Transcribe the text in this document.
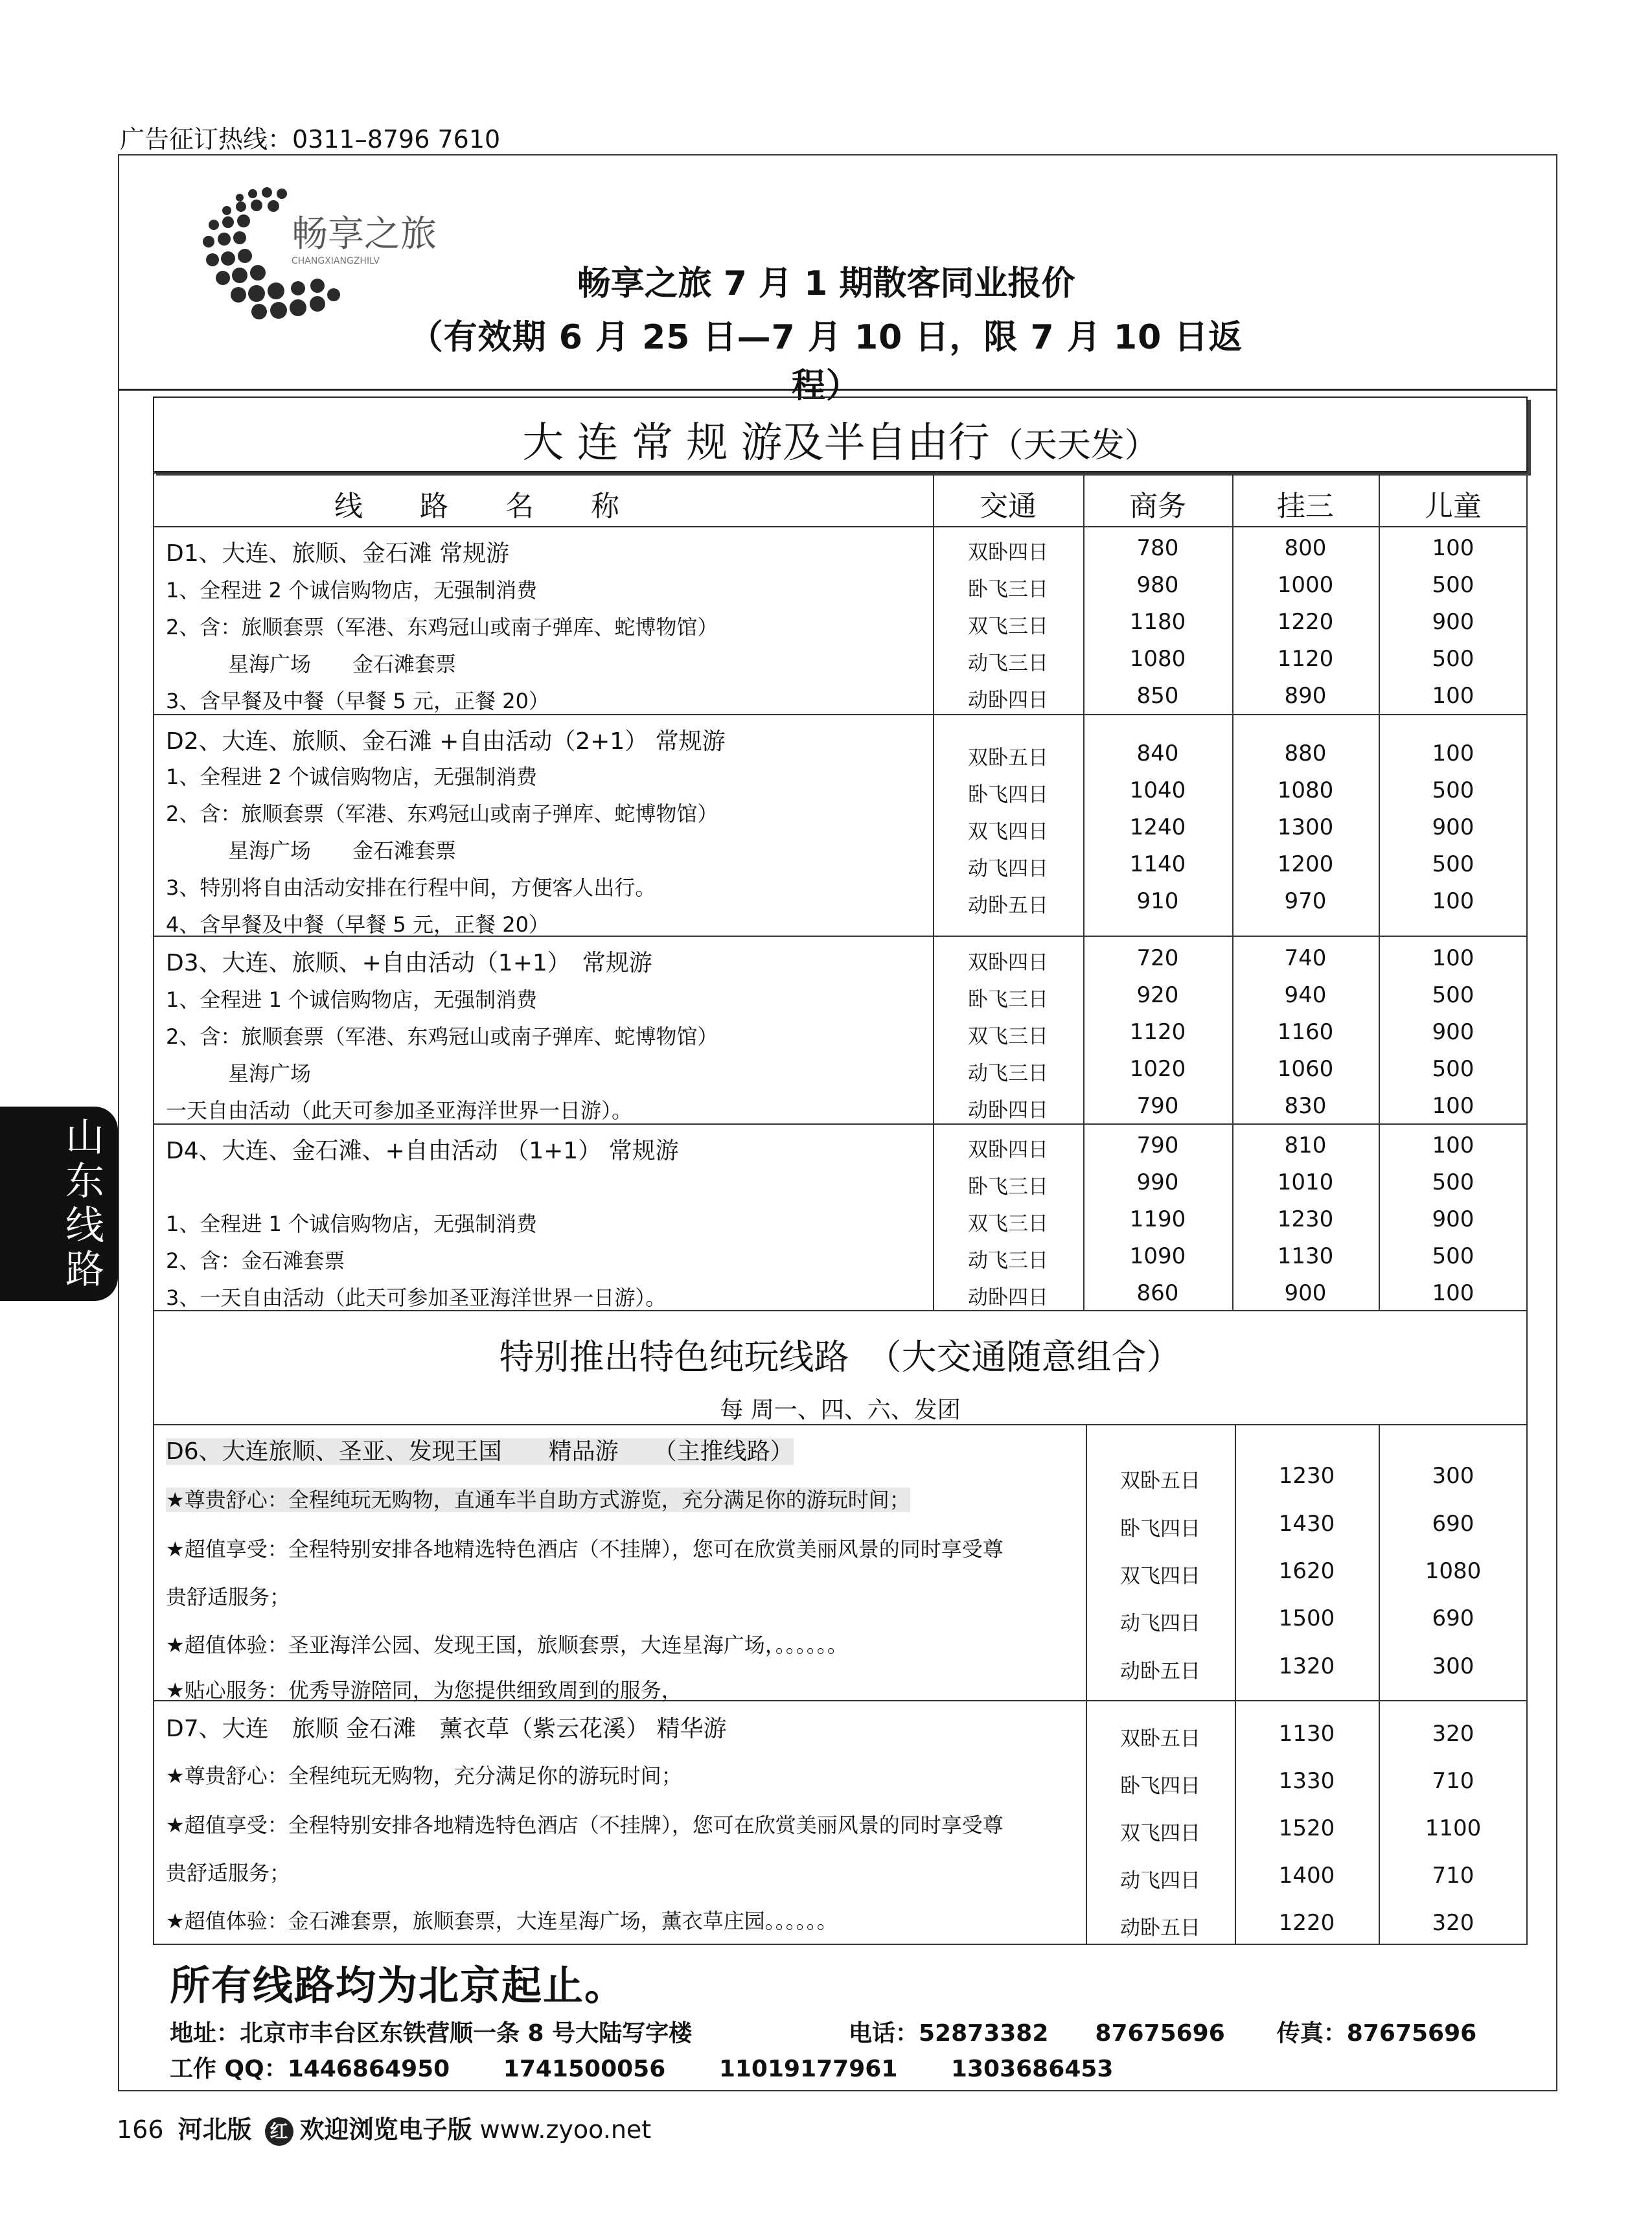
广告征订热线：0311–8796 7610
畅享之旅
CHANGXIANGZHILV
畅享之旅 7 月 1 期散客同业报价
（有效期 6 月 25 日—7 月 10 日，限 7 月 10 日返程）
大 连 常 规 游及半自由行（天天发）
线　　路　　名　　称	交通	商务	挂三	儿童
D1、大连、旅顺、金石滩 常规游
1、全程进 2 个诚信购物店，无强制消费
2、含：旅顺套票（军港、东鸡冠山或南子弹库、蛇博物馆）
　　　星海广场　　金石滩套票
3、含早餐及中餐（早餐 5 元，正餐 20）
D2、大连、旅顺、金石滩 +自由活动（2+1） 常规游
1、全程进 2 个诚信购物店，无强制消费
2、含：旅顺套票（军港、东鸡冠山或南子弹库、蛇博物馆）
　　　星海广场　　金石滩套票
3、特别将自由活动安排在行程中间，方便客人出行。
4、含早餐及中餐（早餐 5 元，正餐 20）
D3、大连、旅顺、+自由活动（1+1）　常规游
1、全程进 1 个诚信购物店，无强制消费
2、含：旅顺套票（军港、东鸡冠山或南子弹库、蛇博物馆）
　　　星海广场
一天自由活动（此天可参加圣亚海洋世界一日游）。
D4、大连、金石滩、+自由活动 （1+1） 常规游
1、全程进 1 个诚信购物店，无强制消费
2、含：金石滩套票
3、一天自由活动（此天可参加圣亚海洋世界一日游）。
双卧四日	780	800	100
卧飞三日	980	1000	500
双飞三日	1180	1220	900
动飞三日	1080	1120	500
动卧四日	850	890	100
双卧五日	840	880	100
卧飞四日	1040	1080	500
双飞四日	1240	1300	900
动飞四日	1140	1200	500
动卧五日	910	970	100
双卧四日	720	740	100
卧飞三日	920	940	500
双飞三日	1120	1160	900
动飞三日	1020	1060	500
动卧四日	790	830	100
双卧四日	790	810	100
卧飞三日	990	1010	500
双飞三日	1190	1230	900
动飞三日	1090	1130	500
动卧四日	860	900	100
特别推出特色纯玩线路　（大交通随意组合）
每 周一、四、六、发团
D6、大连旅顺、圣亚、发现王国　　精品游　　（主推线路）
★尊贵舒心：全程纯玩无购物，直通车半自助方式游览，充分满足你的游玩时间；
★超值享受：全程特别安排各地精选特色酒店（不挂牌），您可在欣赏美丽风景的同时享受尊
贵舒适服务；
★超值体验：圣亚海洋公园、发现王国，旅顺套票，大连星海广场，。。。。。。
★贴心服务：优秀导游陪同，为您提供细致周到的服务，
双卧五日	1230	300
卧飞四日	1430	690
双飞四日	1620	1080
动飞四日	1500	690
动卧五日	1320	300
D7、大连　旅顺 金石滩　薰衣草（紫云花溪） 精华游
★尊贵舒心：全程纯玩无购物，充分满足你的游玩时间；
★超值享受：全程特别安排各地精选特色酒店（不挂牌），您可在欣赏美丽风景的同时享受尊
贵舒适服务；
★超值体验：金石滩套票，旅顺套票，大连星海广场，薰衣草庄园。。。。。。
双卧五日	1130	320
卧飞四日	1330	710
双飞四日	1520	1100
动飞四日	1400	710
动卧五日	1220	320
所有线路均为北京起止。
地址：北京市丰台区东铁营顺一条 8 号大陆写字楼	电话：52873382　　87675696 传真：87675696
工作 QQ：1446864950 1741500056 11019177961 1303686453
166 河北版 红 欢迎浏览电子版 www.zyoo.net
山东线路
